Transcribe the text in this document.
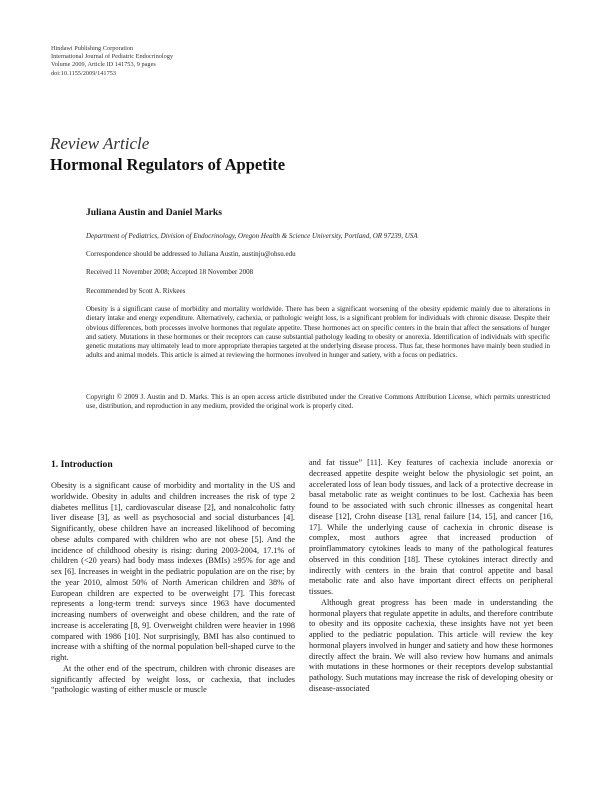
Hindawi Publishing Corporation
International Journal of Pediatric Endocrinology
Volume 2009, Article ID 141753, 9 pages
doi:10.1155/2009/141753
Review Article
Hormonal Regulators of Appetite
Juliana Austin and Daniel Marks
Department of Pediatrics, Division of Endocrinology, Oregon Health & Science University, Portland, OR 97239, USA
Correspondence should be addressed to Juliana Austin, austinju@ohsu.edu
Received 11 November 2008; Accepted 18 November 2008
Recommended by Scott A. Rivkees
Obesity is a significant cause of morbidity and mortality worldwide. There has been a significant worsening of the obesity epidemic mainly due to alterations in dietary intake and energy expenditure. Alternatively, cachexia, or pathologic weight loss, is a significant problem for individuals with chronic disease. Despite their obvious differences, both processes involve hormones that regulate appetite. These hormones act on specific centers in the brain that affect the sensations of hunger and satiety. Mutations in these hormones or their receptors can cause substantial pathology leading to obesity or anorexia. Identification of individuals with specific genetic mutations may ultimately lead to more appropriate therapies targeted at the underlying disease process. Thus far, these hormones have mainly been studied in adults and animal models. This article is aimed at reviewing the hormones involved in hunger and satiety, with a focus on pediatrics.
Copyright © 2009 J. Austin and D. Marks. This is an open access article distributed under the Creative Commons Attribution License, which permits unrestricted use, distribution, and reproduction in any medium, provided the original work is properly cited.
1. Introduction

Obesity is a significant cause of morbidity and mortality in the US and worldwide. Obesity in adults and children increases the risk of type 2 diabetes mellitus [1], cardiovascular disease [2], and nonalcoholic fatty liver disease [3], as well as psychosocial and social disturbances [4]. Significantly, obese children have an increased likelihood of becoming obese adults compared with children who are not obese [5]. And the incidence of childhood obesity is rising: during 2003-2004, 17.1% of children (<20 years) had body mass indexes (BMIs) ≥95% for age and sex [6]. Increases in weight in the pediatric population are on the rise; by the year 2010, almost 50% of North American children and 38% of European children are expected to be overweight [7]. This forecast represents a long-term trend: surveys since 1963 have documented increasing numbers of overweight and obese children, and the rate of increase is accelerating [8, 9]. Overweight children were heavier in 1998 compared with 1986 [10]. Not surprisingly, BMI has also continued to increase with a shifting of the normal population bell-shaped curve to the right.

At the other end of the spectrum, children with chronic diseases are significantly affected by weight loss, or cachexia, that includes “pathologic wasting of either muscle or muscle

and fat tissue” [11]. Key features of cachexia include anorexia or decreased appetite despite weight below the physiologic set point, an accelerated loss of lean body tissues, and lack of a protective decrease in basal metabolic rate as weight continues to be lost. Cachexia has been found to be associated with such chronic illnesses as congenital heart disease [12], Crohn disease [13], renal failure [14, 15], and cancer [16, 17]. While the underlying cause of cachexia in chronic disease is complex, most authors agree that increased production of proinflammatory cytokines leads to many of the pathological features observed in this condition [18]. These cytokines interact directly and indirectly with centers in the brain that control appetite and basal metabolic rate and also have important direct effects on peripheral tissues.

Although great progress has been made in understanding the hormonal players that regulate appetite in adults, and therefore contribute to obesity and its opposite cachexia, these insights have not yet been applied to the pediatric population. This article will review the key hormonal players involved in hunger and satiety and how these hormones directly affect the brain. We will also review how humans and animals with mutations in these hormones or their receptors develop substantial pathology. Such mutations may increase the risk of developing obesity or disease-associated
